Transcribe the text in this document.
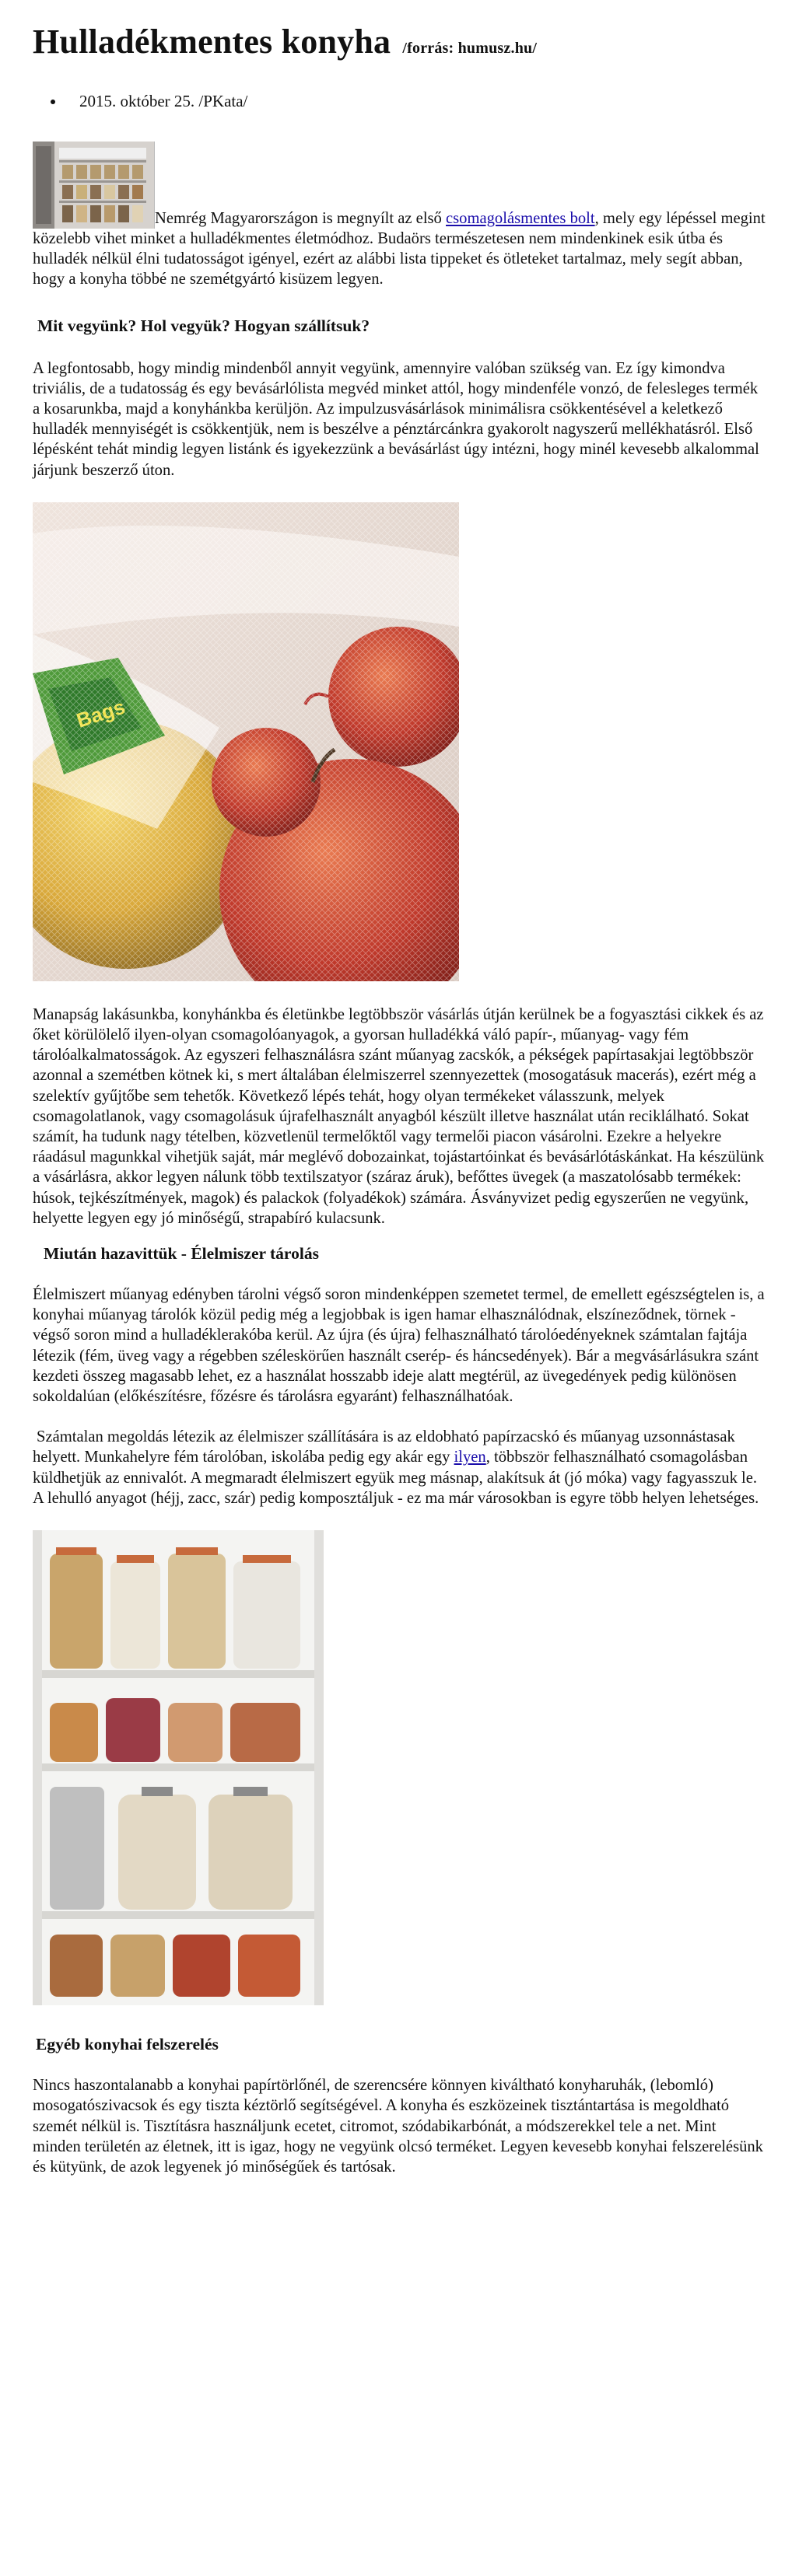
Hulladékmentes konyha /forrás: humusz.hu/
• 2015. október 25. /PKata/

Nemrég Magyarországon is megnyílt az első csomagolásmentes bolt, mely egy lépéssel megint közelebb vihet minket a hulladékmentes életmódhoz. Budaörs természetesen nem mindenkinek esik útba és hulladék nélkül élni tudatosságot igényel, ezért az alábbi lista tippeket és ötleteket tartalmaz, mely segít abban, hogy a konyha többé ne szemétgyártó kisüzem legyen.

Mit vegyünk? Hol vegyük? Hogyan szállítsuk?

A legfontosabb, hogy mindig mindenből annyit vegyünk, amennyire valóban szükség van. Ez így kimondva triviális, de a tudatosság és egy bevásárlólista megvéd minket attól, hogy mindenféle vonzó, de felesleges termék a kosarunkba, majd a konyhánkba kerüljön. Az impulzusvásárlások minimálisra csökkentésével a keletkező hulladék mennyiségét is csökkentjük, nem is beszélve a pénztárcánkra gyakorolt nagyszerű mellékhatásról. Első lépésként tehát mindig legyen listánk és igyekezzünk a bevásárlást úgy intézni, hogy minél kevesebb alkalommal járjunk beszerző úton.

Manapság lakásunkba, konyhánkba és életünkbe legtöbbször vásárlás útján kerülnek be a fogyasztási cikkek és az őket körülölelő ilyen-olyan csomagolóanyagok, a gyorsan hulladékká váló papír-, műanyag- vagy fém tárolóalkalmatosságok. Az egyszeri felhasználásra szánt műanyag zacskók, a pékségek papírtasakjai legtöbbször azonnal a szemétben kötnek ki, s mert általában élelmiszerrel szennyezettek (mosogatásuk macerás), ezért még a szelektív gyűjtőbe sem tehetők. Következő lépés tehát, hogy olyan termékeket válasszunk, melyek csomagolatlanok, vagy csomagolásuk újrafelhasznált anyagból készült illetve használat után reciklálható. Sokat számít, ha tudunk nagy tételben, közvetlenül termelőktől vagy termelői piacon vásárolni. Ezekre a helyekre ráadásul magunkkal vihetjük saját, már meglévő dobozainkat, tojástartóinkat és bevásárlótáskánkat. Ha készülünk a vásárlásra, akkor legyen nálunk több textilszatyor (száraz áruk), befőttes üvegek (a maszatolósabb termékek: húsok, tejkészítmények, magok) és palackok (folyadékok) számára. Ásványvizet pedig egyszerűen ne vegyünk, helyette legyen egy jó minőségű, strapabíró kulacsunk.

Miután hazavittük - Élelmiszer tárolás

Élelmiszert műanyag edényben tárolni végső soron mindenképpen szemetet termel, de emellett egészségtelen is, a konyhai műanyag tárolók közül pedig még a legjobbak is igen hamar elhasználódnak, elszíneződnek, törnek - végső soron mind a hulladéklerakóba kerül. Az újra (és újra) felhasználható tárolóedényeknek számtalan fajtája létezik (fém, üveg vagy a régebben széleskörűen használt cserép- és háncsedények). Bár a megvásárlásukra szánt kezdeti összeg magasabb lehet, ez a használat hosszabb ideje alatt megtérül, az üvegedények pedig különösen sokoldalúan (előkészítésre, főzésre és tárolásra egyaránt) felhasználhatóak.

Számtalan megoldás létezik az élelmiszer szállítására is az eldobható papírzacskó és műanyag uzsonnástasak helyett. Munkahelyre fém tárolóban, iskolába pedig egy akár egy ilyen, többször felhasználható csomagolásban küldhetjük az ennivalót. A megmaradt élelmiszert együk meg másnap, alakítsuk át (jó móka) vagy fagyasszuk le. A lehulló anyagot (héjj, zacc, szár) pedig komposztáljuk - ez ma már városokban is egyre több helyen lehetséges.

Egyéb konyhai felszerelés

Nincs haszontalanabb a konyhai papírtörlőnél, de szerencsére könnyen kiváltható konyharuhák, (lebomló) mosogatószivacsok és egy tiszta kéztörlő segítségével. A konyha és eszközeinek tisztántartása is megoldható szemét nélkül is. Tisztításra használjunk ecetet, citromot, szódabikarbónát, a módszerekkel tele a net. Mint minden területén az életnek, itt is igaz, hogy ne vegyünk olcsó terméket. Legyen kevesebb konyhai felszerelésünk és kütyünk, de azok legyenek jó minőségűek és tartósak.
